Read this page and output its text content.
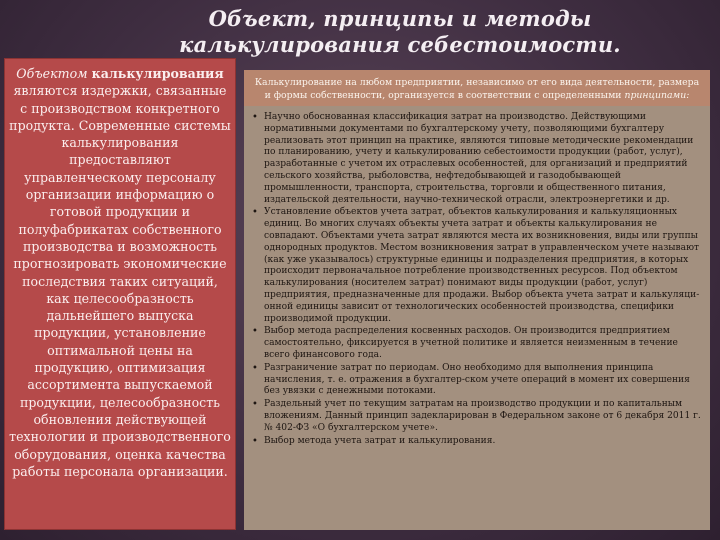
Объект, принципы и методы калькулирования себестоимости.
Объектом калькулирования являются издержки, связанные с производством конкретного продукта. Современные системы калькулирования предоставляют управленческому персоналу организации информацию о готовой продукции и полуфабрикатах собственного производства и возможность прогнозировать экономические последствия таких ситуаций, как целесообразность дальнейшего выпуска продукции, установление оптимальной цены на продукцию, оптимизация ассортимента выпускаемой продукции, целесообразность обновления действующей технологии и производственного оборудования, оценка качества работы персонала организации.
Калькулирование на любом предприятии, независимо от его вида деятельности, размера и формы собственности, организуется в соответствии с определенными принципами:
• Научно обоснованная классификация затрат на производство. Действующими нормативными документами по бухгалтерскому учету, позволяющими бухгалтеру реализовать этот принцип на практике, являются типовые методические рекомендации по планированию, учету и калькулированию себестоимости продукции (работ, услуг), разработанные с учетом их отраслевых особенностей, для организаций и предприятий сельского хозяйства, рыболовства, нефтедобывающей и газодобывающей промышленности, транспорта, строительства, торговли и общественного питания, издательской деятельности, научно-технической отрасли, электроэнергетики и др.
• Установление объектов учета затрат, объектов калькулирования и калькуляционных единиц. Во многих случаях объекты учета затрат и объекты калькулирования не совпадают. Объектами учета затрат являются места их возникновения, виды или группы однородных продуктов. Местом возникновения затрат в управленческом учете называют (как уже указывалось) структурные единицы и подразделения предприятия, в которых происходит первоначальное потребление производственных ресурсов. Под объектом калькулирования (носителем затрат) понимают виды продукции (работ, услуг) предприятия, предназначенные для продажи. Выбор объекта учета затрат и калькуляци-онной единицы зависит от технологических особенностей производства, специфики производимой продукции.
• Выбор метода распределения косвенных расходов. Он производится предприятием самостоятельно, фиксируется в учетной политике и является неизменным в течение всего финансового года.
• Разграничение затрат по периодам. Оно необходимо для выполнения принципа начисления, т. е. отражения в бухгалтер-ском учете операций в момент их совершения без увязки с денежными потоками.
• Раздельный учет по текущим затратам на производство продукции и по капитальным вложениям. Данный принцип задекларирован в Федеральном законе от 6 декабря 2011 г. № 402-ФЗ «О бухгалтерском учете».
• Выбор метода учета затрат и калькулирования.
